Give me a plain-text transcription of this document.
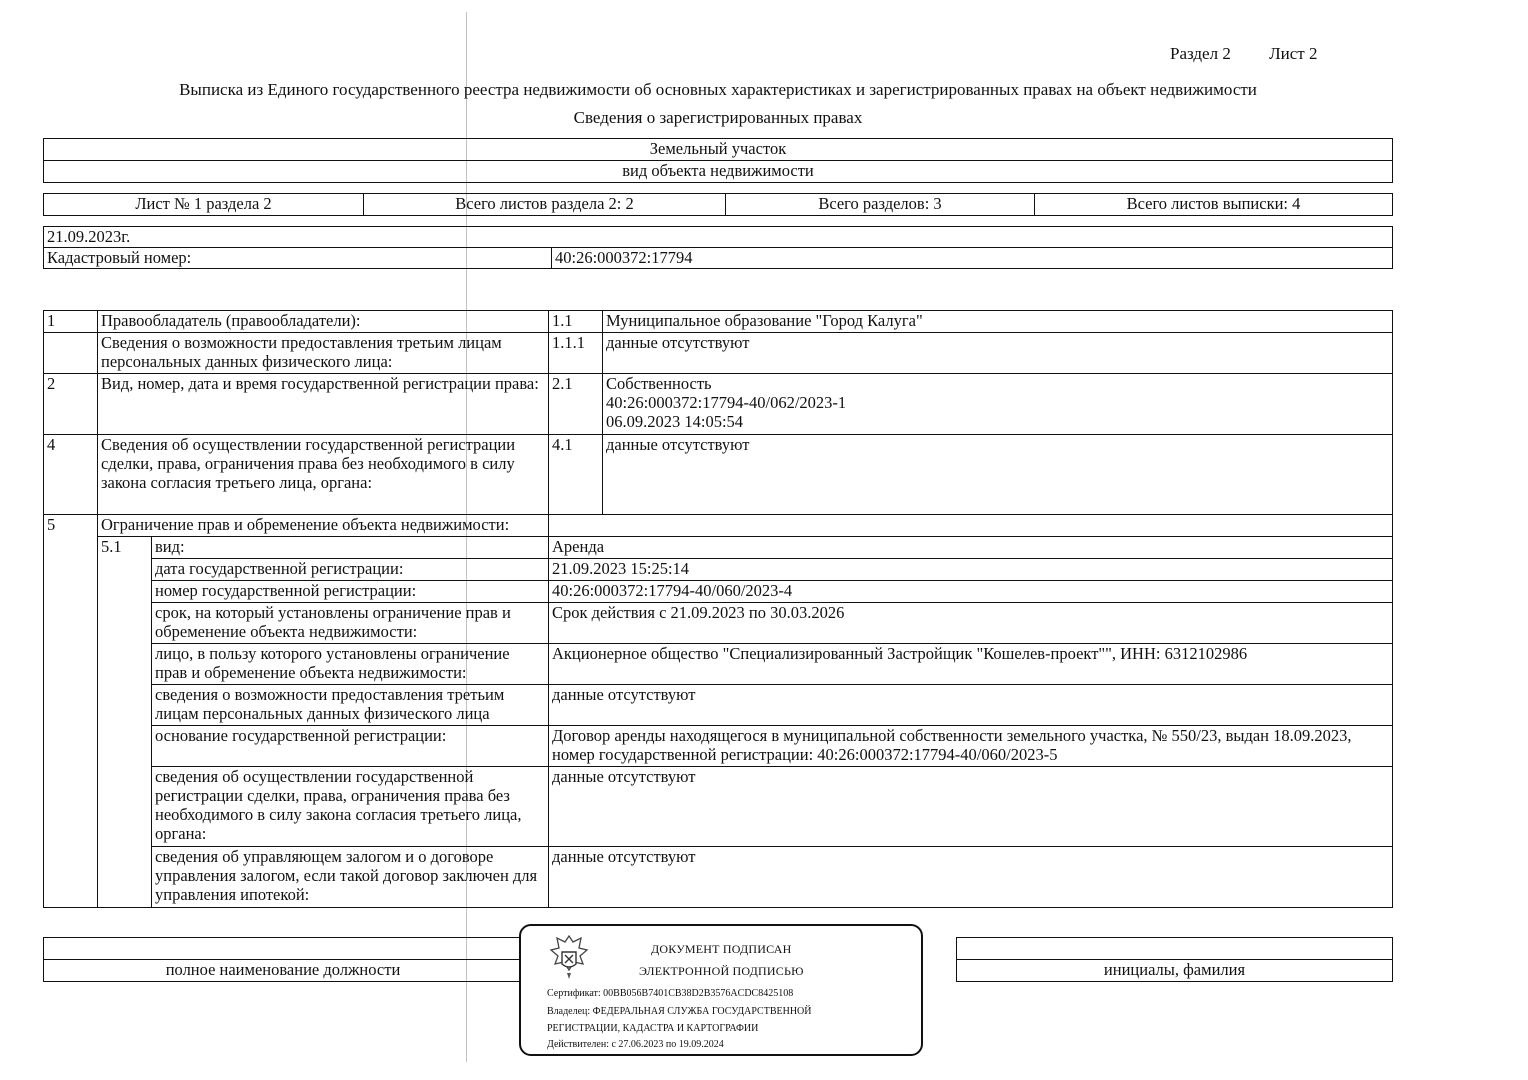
Раздел 2 Лист 2
Выписка из Единого государственного реестра недвижимости об основных характеристиках и зарегистрированных правах на объект недвижимости
Сведения о зарегистрированных правах
Земельный участок
вид объекта недвижимости
Лист № 1 раздела 2	Всего листов раздела 2: 2	Всего разделов: 3	Всего листов выписки: 4
21.09.2023г.
Кадастровый номер:	40:26:000372:17794
1	Правообладатель (правообладатели):		1.1	Муниципальное образование "Город Калуга"
	Сведения о возможности предоставления третьим лицам персональных данных физического лица:		1.1.1	данные отсутствуют
2	Вид, номер, дата и время государственной регистрации права:		2.1	Собственность
40:26:000372:17794-40/062/2023-1
06.09.2023 14:05:54

4	Сведения об осуществлении государственной регистрации сделки, права, ограничения права без необходимого в силу закона согласия третьего лица, органа:		4.1	данные отсутствуют
5	Ограничение прав и обременение объекта недвижимости:			
	5.1	вид:	Аренда	
		дата государственной регистрации:	21.09.2023 15:25:14	
		номер государственной регистрации:	40:26:000372:17794-40/060/2023-4	
		срок, на который установлены ограничение прав и обременение объекта недвижимости:	Срок действия с 21.09.2023 по 30.03.2026	
		лицо, в пользу которого установлены ограничение прав и обременение объекта недвижимости:	Акционерное общество "Специализированный Застройщик "Кошелев-проект"", ИНН: 6312102986	
		сведения о возможности предоставления третьим лицам персональных данных физического лица	данные отсутствуют	
		основание государственной регистрации:	Договор аренды находящегося в муниципальной собственности земельного участка, № 550/23, выдан 18.09.2023, номер государственной регистрации: 40:26:000372:17794-40/060/2023-5	
		сведения об осуществлении государственной регистрации сделки, права, ограничения права без необходимого в силу закона согласия третьего лица, органа:	данные отсутствуют	
		сведения об управляющем залогом и о договоре управления залогом, если такой договор заключен для управления ипотекой:	данные отсутствуют	

полное наименование должности		инициалы, фамилия
ДОКУМЕНТ ПОДПИСАН
ЭЛЕКТРОННОЙ ПОДПИСЬЮ
Сертификат: 00BB056B7401CB38D2B3576ACDC8425108
Владелец: ФЕДЕРАЛЬНАЯ СЛУЖБА ГОСУДАРСТВЕННОЙ
РЕГИСТРАЦИИ, КАДАСТРА И КАРТОГРАФИИ
Действителен: с 27.06.2023 по 19.09.2024
